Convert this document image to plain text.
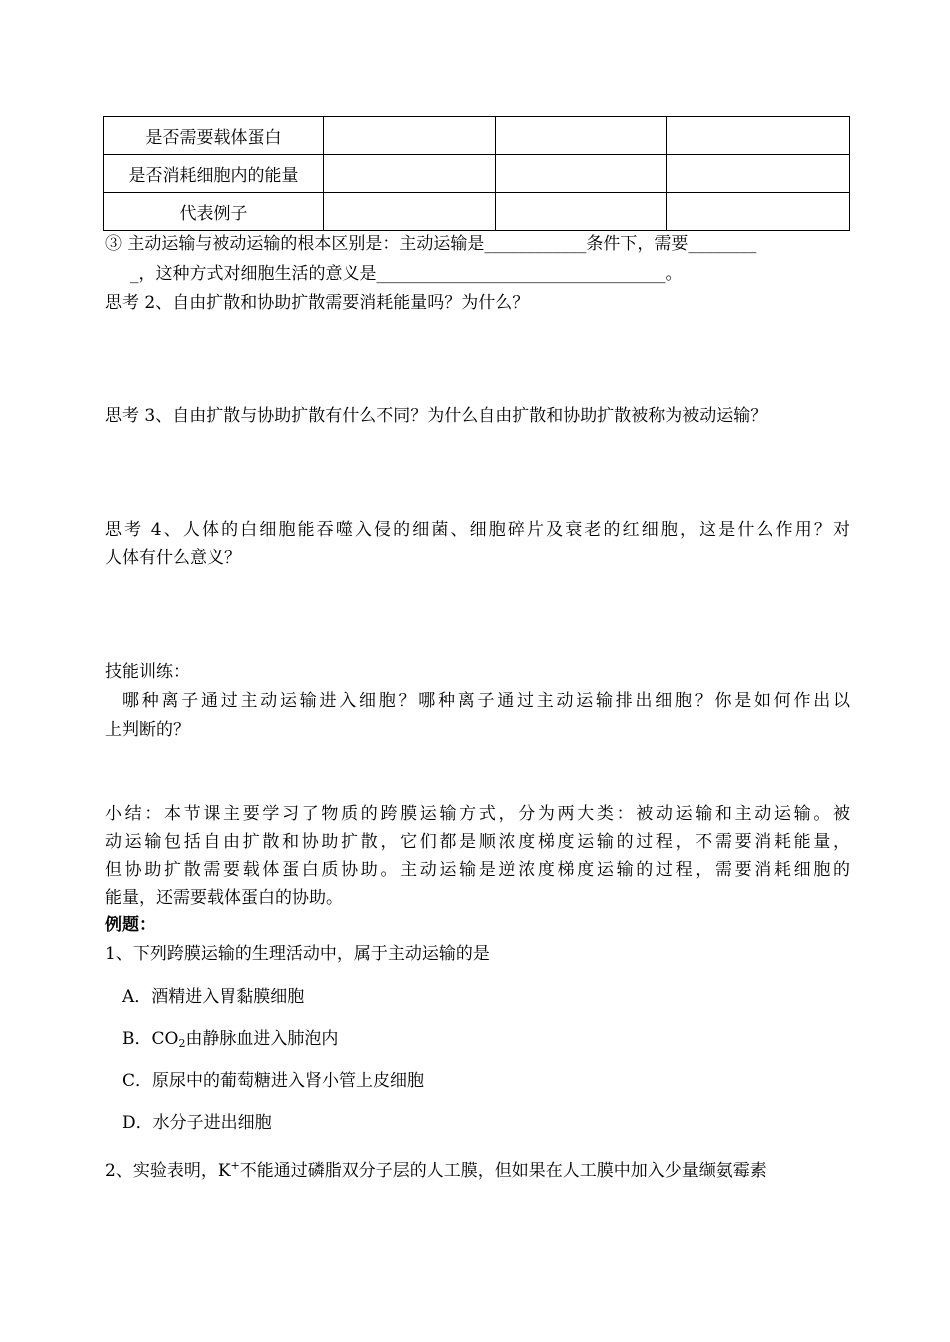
是否需要载体蛋白			
是否消耗细胞内的能量			
代表例子			
③ 主动运输与被动运输的根本区别是：主动运输是____________条件下，需要________
_，这种方式对细胞生活的意义是__________________________________。
思考 2、自由扩散和协助扩散需要消耗能量吗？为什么？
思考 3、自由扩散与协助扩散有什么不同？为什么自由扩散和协助扩散被称为被动运输？
思考 4、人体的白细胞能吞噬入侵的细菌、细胞碎片及衰老的红细胞，这是什么作用？对
人体有什么意义？
技能训练：
哪种离子通过主动运输进入细胞？哪种离子通过主动运输排出细胞？你是如何作出以
上判断的？
小结：本节课主要学习了物质的跨膜运输方式，分为两大类：被动运输和主动运输。被
动运输包括自由扩散和协助扩散，它们都是顺浓度梯度运输的过程，不需要消耗能量，
但协助扩散需要载体蛋白质协助。主动运输是逆浓度梯度运输的过程，需要消耗细胞的
能量，还需要载体蛋白的协助。
例题：
1、下列跨膜运输的生理活动中，属于主动运输的是
A．酒精进入胃黏膜细胞
B．$CO_2$由静脉血进入肺泡内
C．原尿中的葡萄糖进入肾小管上皮细胞
D．水分子进出细胞
2、实验表明，K+不能通过磷脂双分子层的人工膜，但如果在人工膜中加入少量缬氨霉素
